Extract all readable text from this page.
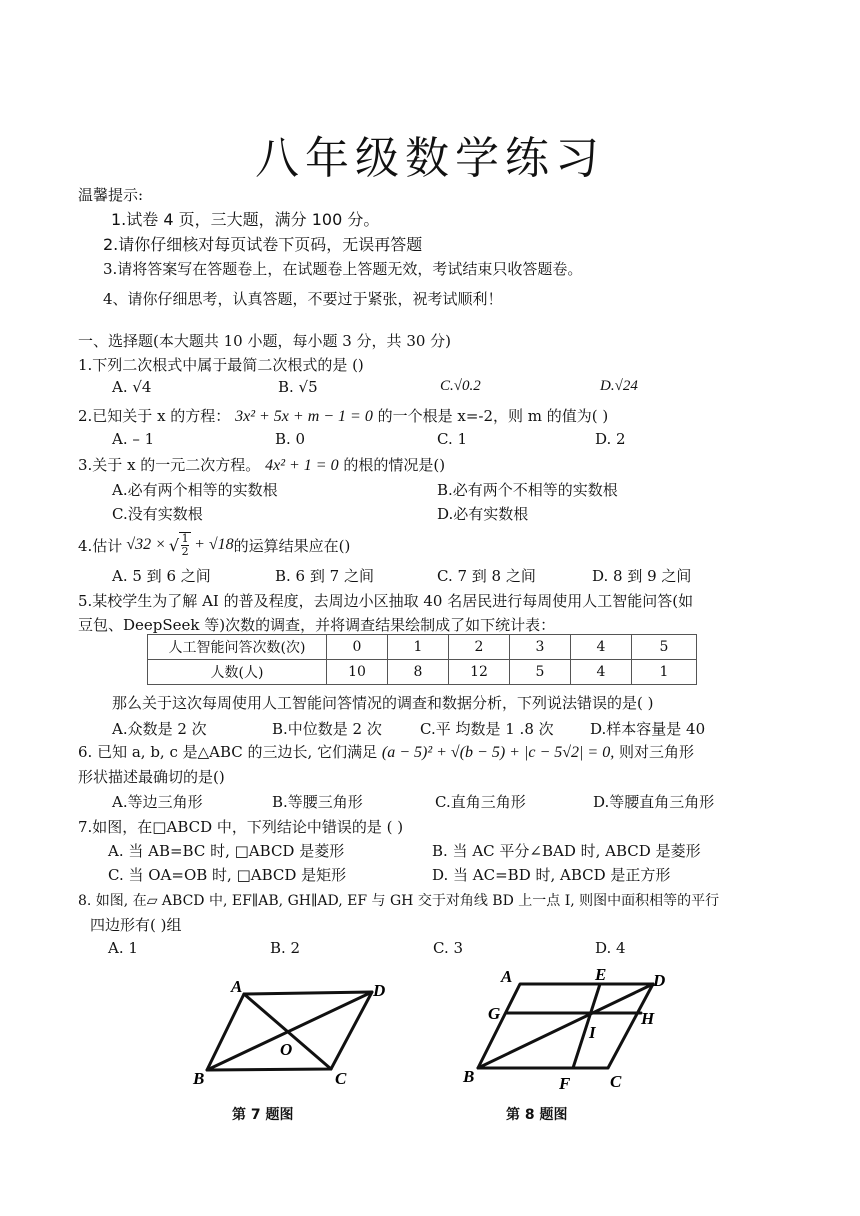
八年级数学练习
温馨提示:
1.试卷 4 页，三大题，满分 100 分。
2.请你仔细核对每页试卷下页码，无误再答题
3.请将答案写在答题卷上，在试题卷上答题无效，考试结束只收答题卷。
4、请你仔细思考，认真答题，不要过于紧张，祝考试顺利！
一、选择题(本大题共 10 小题，每小题 3 分，共 30 分)
1.下列二次根式中属于最简二次根式的是 ()
A. √4	B. √5	C.√0.2	D.√24
2.已知关于 x 的方程： 3x² + 5x + m − 1 = 0 的一个根是 x=-2，则 m 的值为( )
A. – 1	B. 0	C. 1	D. 2
3.关于 x 的一元二次方程。 4x² + 1 = 0 的根的情况是()
A.必有两个相等的实数根	B.必有两个不相等的实数根
C.没有实数根	D.必有实数根
4.估计 √32 × √ $\frac{1}{2} + √18$ 的运算结果应在()
A. 5 到 6 之间	B. 6 到 7 之间	C. 7 到 8 之间	D. 8 到 9 之间
5.某校学生为了解 AI 的普及程度，去周边小区抽取 40 名居民进行每周使用人工智能问答(如
豆包、DeepSeek 等)次数的调查，并将调查结果绘制成了如下统计表：
人工智能问答次数(次)	0	1	2	3	4	5
人数(人)	10	8	12	5	4	1
那么关于这次每周使用人工智能问答情况的调查和数据分析，下列说法错误的是( )
A.众数是 2 次	B.中位数是 2 次	C.平 均数是 1 .8 次 D.样本容量是 40
6. 已知 a, b, c 是△ABC 的三边长, 它们满足 (a − 5)² + √(b − 5) + |c − 5√2| = 0, 则对三角形
形状描述最确切的是()
A.等边三角形	B.等腰三角形	C.直角三角形	D.等腰直角三角形
7.如图，在□ABCD 中，下列结论中错误的是 ( )
A. 当 AB=BC 时, □ABCD 是菱形	B. 当 AC 平分∠BAD 时, ABCD 是菱形
C. 当 OA=OB 时, □ABCD 是矩形	D. 当 AC=BD 时, ABCD 是正方形
8. 如图, 在▱ ABCD 中, EF∥AB, GH∥AD, EF 与 GH 交于对角线 BD 上一点 I, 则图中面积相等的平行
四边形有( )组
A. 1	B. 2	C. 3	D. 4
A	D
B	C
O
第 7 题图
A	E	D
G	H
I
B	F C
第 8 题图
